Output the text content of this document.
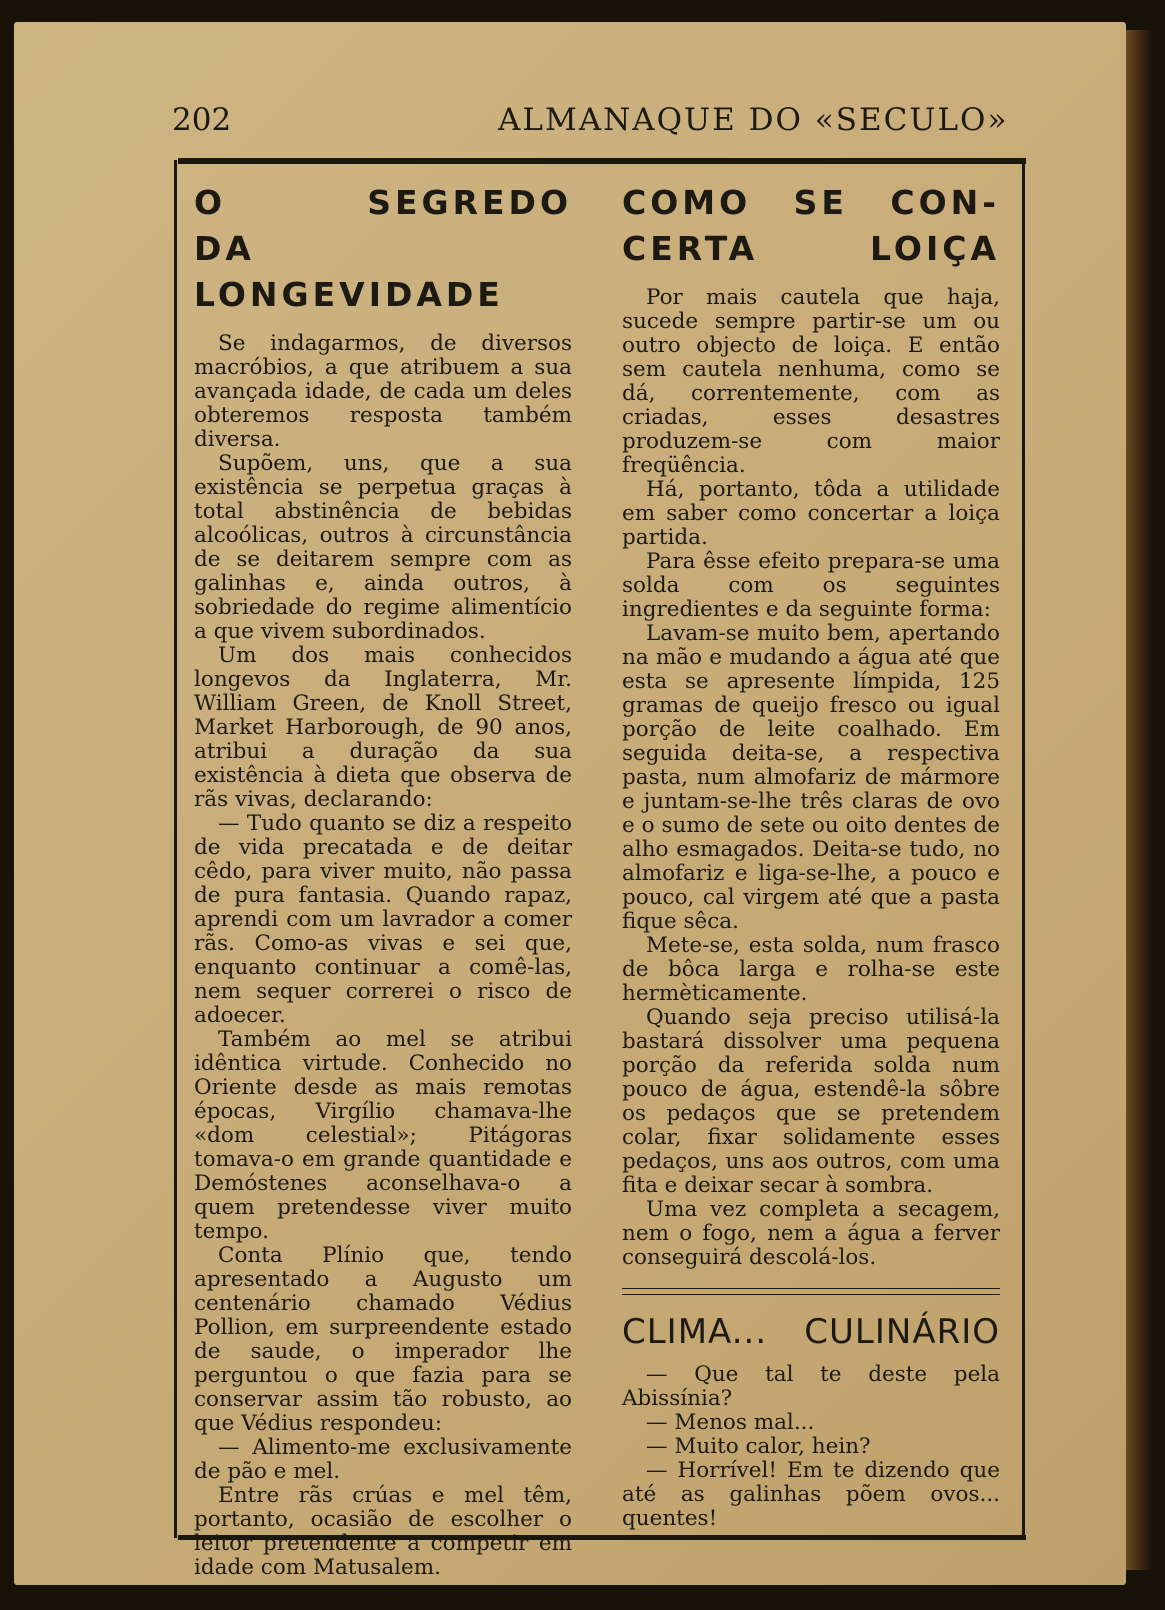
202	ALMANAQUE DO «SECULO»
O SEGREDO
DA LONGEVIDADE

Se indagarmos, de diversos macróbios, a que atribuem a sua avançada idade, de cada um deles obteremos resposta também diversa.

Supõem, uns, que a sua existência se perpetua graças à total abstinência de bebidas alcoólicas, outros à circunstância de se deitarem sempre com as galinhas e, ainda outros, à sobriedade do regime alimentício a que vivem subordinados.

Um dos mais conhecidos longevos da Inglaterra, Mr. William Green, de Knoll Street, Market Harborough, de 90 anos, atribui a duração da sua existência à dieta que observa de rãs vivas, declarando:

— Tudo quanto se diz a respeito de vida precatada e de deitar cêdo, para viver muito, não passa de pura fantasia. Quando rapaz, aprendi com um lavrador a comer rãs. Como-as vivas e sei que, enquanto continuar a comê-las, nem sequer correrei o risco de adoecer.

Também ao mel se atribui idêntica virtude. Conhecido no Oriente desde as mais remotas épocas, Virgílio chamava-lhe «dom celestial»; Pitágoras tomava-o em grande quantidade e Demóstenes aconselhava-o a quem pretendesse viver muito tempo.

Conta Plínio que, tendo apresentado a Augusto um centenário chamado Védius Pollion, em surpreendente estado de saude, o imperador lhe perguntou o que fazia para se conservar assim tão robusto, ao que Védius respondeu:

— Alimento-me exclusivamente de pão e mel.

Entre rãs crúas e mel têm, portanto, ocasião de escolher o leitor pretendente a competir em idade com Matusalem.

COMO SE CON-
CERTA LOIÇA

Por mais cautela que haja, sucede sempre partir-se um ou outro objecto de loiça. E então sem cautela nenhuma, como se dá, correntemente, com as criadas, esses desastres produzem-se com maior freqüência.

Há, portanto, tôda a utilidade em saber como concertar a loiça partida.

Para êsse efeito prepara-se uma solda com os seguintes ingredientes e da seguinte forma:

Lavam-se muito bem, apertando na mão e mudando a água até que esta se apresente límpida, 125 gramas de queijo fresco ou igual porção de leite coalhado. Em seguida deita-se, a respectiva pasta, num almofariz de mármore e juntam-se-lhe três claras de ovo e o sumo de sete ou oito dentes de alho esmagados. Deita-se tudo, no almofariz e liga-se-lhe, a pouco e pouco, cal virgem até que a pasta fique sêca.

Mete-se, esta solda, num frasco de bôca larga e rolha-se este hermèticamente.

Quando seja preciso utilisá-la bastará dissolver uma pequena porção da referida solda num pouco de água, estendê-la sôbre os pedaços que se pretendem colar, fixar solidamente esses pedaços, uns aos outros, com uma fita e deixar secar à sombra.

Uma vez completa a secagem, nem o fogo, nem a água a ferver conseguirá descolá-los.

CLIMA... CULINÁRIO

— Que tal te deste pela Abissínia?

— Menos mal...

— Muito calor, hein?

— Horrível! Em te dizendo que até as galinhas põem ovos... quentes!
